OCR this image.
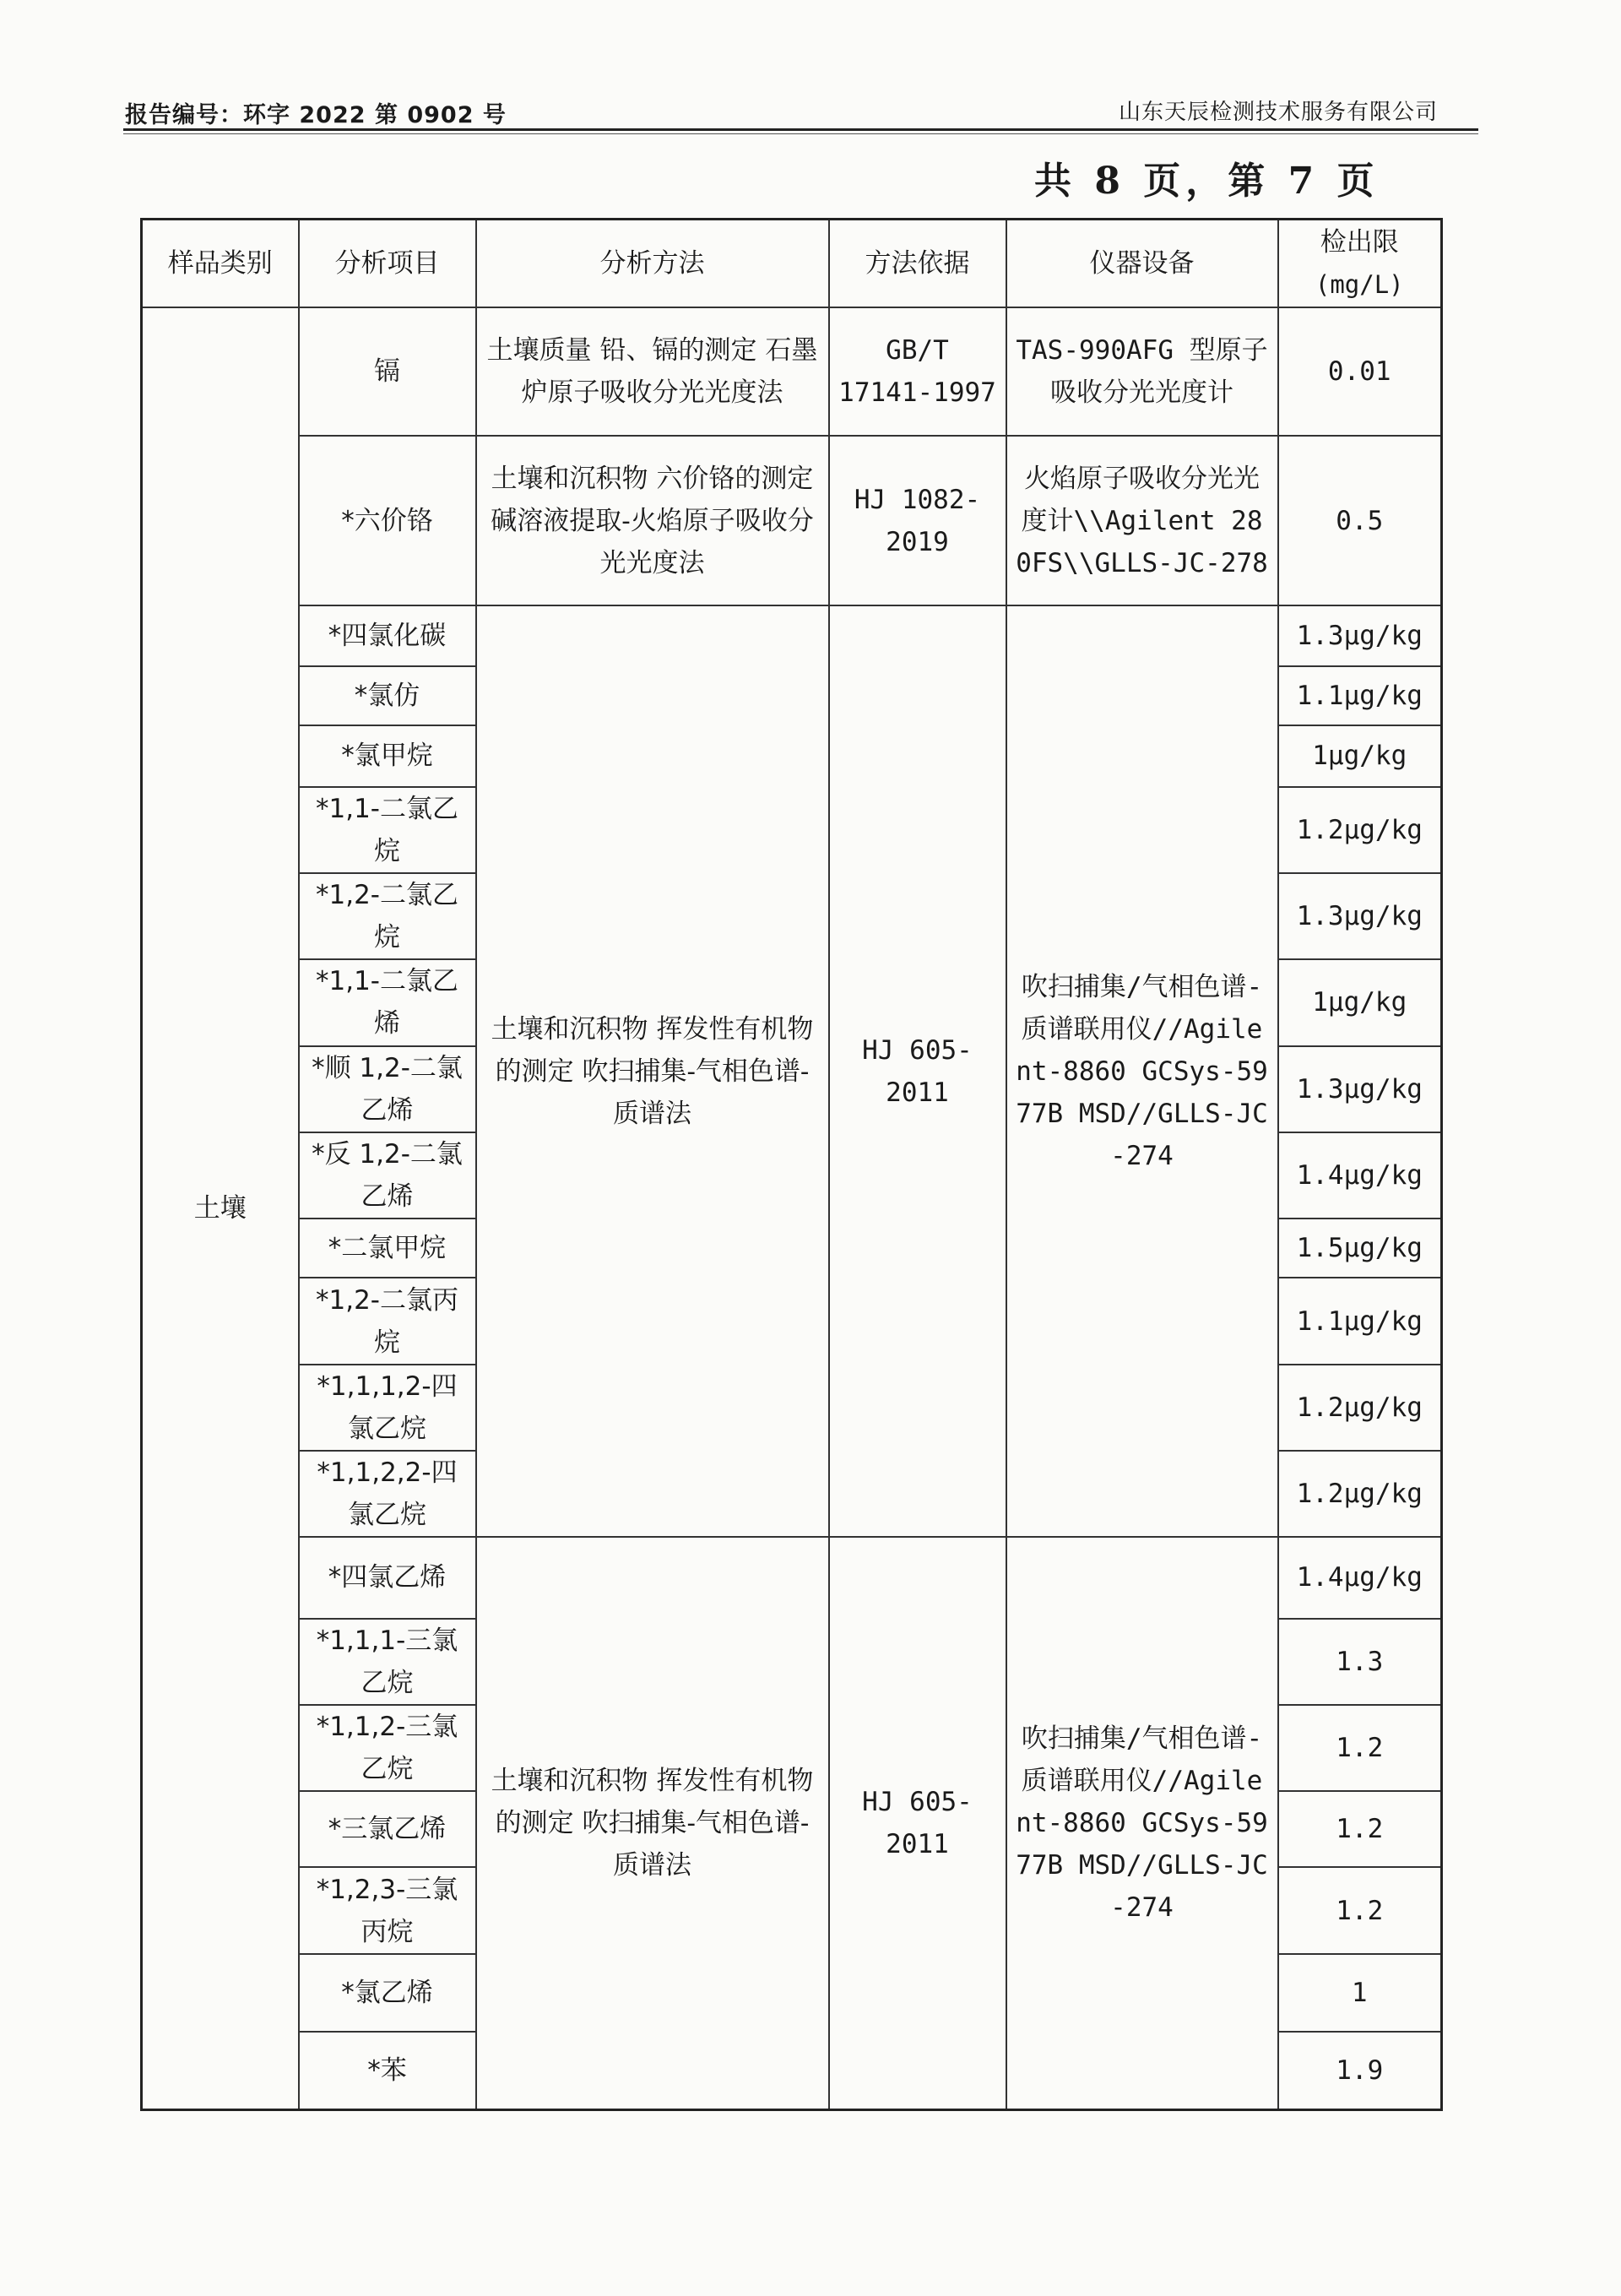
报告编号：环字 2022 第 0902 号	山东天辰检测技术服务有限公司
共 8 页，第 7 页
样品类别	分析项目	分析方法	方法依据	仪器设备	检出限
(mg/L)

土壤	镉	土壤质量 铅、镉的测定 石墨炉原子吸收分光光度法	GB/T 17141-1997	TAS-990AFG 型原子吸收分光光度计	0.01
	*六价铬	土壤和沉积物 六价铬的测定 碱溶液提取-火焰原子吸收分光光度法	HJ 1082-2019	火焰原子吸收分光光度计\\Agilent 280FS\\GLLS-JC-278	0.5
	*四氯化碳	土壤和沉积物 挥发性有机物的测定 吹扫捕集-气相色谱-质谱法	HJ 605-2011	吹扫捕集/气相色谱-质谱联用仪//Agilent-8860 GCSys-5977B MSD//GLLS-JC-274	1.3μg/kg
	*氯仿				1.1μg/kg
	*氯甲烷				1μg/kg
	*1,1-二氯乙烷				1.2μg/kg
	*1,2-二氯乙烷				1.3μg/kg
	*1,1-二氯乙烯				1μg/kg
	*顺 1,2-二氯乙烯				1.3μg/kg
	*反 1,2-二氯乙烯				1.4μg/kg
	*二氯甲烷				1.5μg/kg
	*1,2-二氯丙烷				1.1μg/kg
	*1,1,1,2-四氯乙烷				1.2μg/kg
	*1,1,2,2-四氯乙烷				1.2μg/kg
	*四氯乙烯	土壤和沉积物 挥发性有机物的测定 吹扫捕集-气相色谱-质谱法	HJ 605-2011	吹扫捕集/气相色谱-质谱联用仪//Agilent-8860 GCSys-5977B MSD//GLLS-JC-274	1.4μg/kg
	*1,1,1-三氯乙烷				1.3
	*1,1,2-三氯乙烷				1.2
	*三氯乙烯				1.2
	*1,2,3-三氯丙烷				1.2
	*氯乙烯				1
	*苯				1.9
